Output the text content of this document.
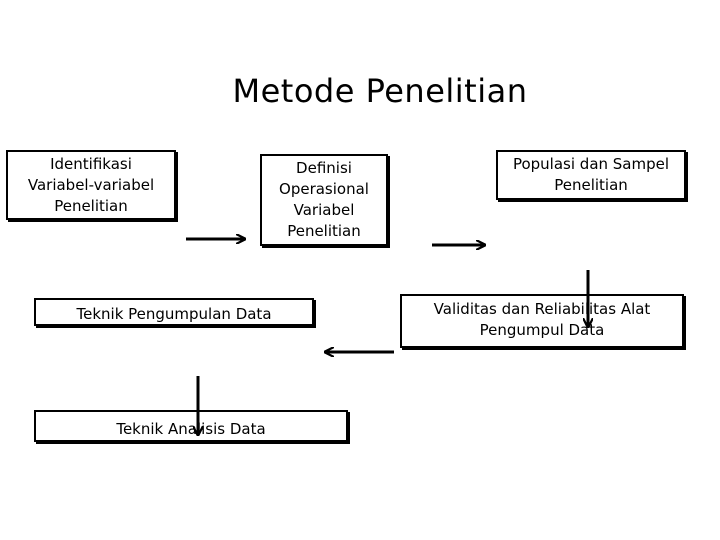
Metode Penelitian
Identifikasi
Variabel-variabel
Penelitian
Definisi
Operasional
Variabel
Penelitian
Populasi dan Sampel
Penelitian
Teknik Pengumpulan Data	Validitas dan Reliabilitas Alat
Pengumpul Data
Teknik Analisis Data
